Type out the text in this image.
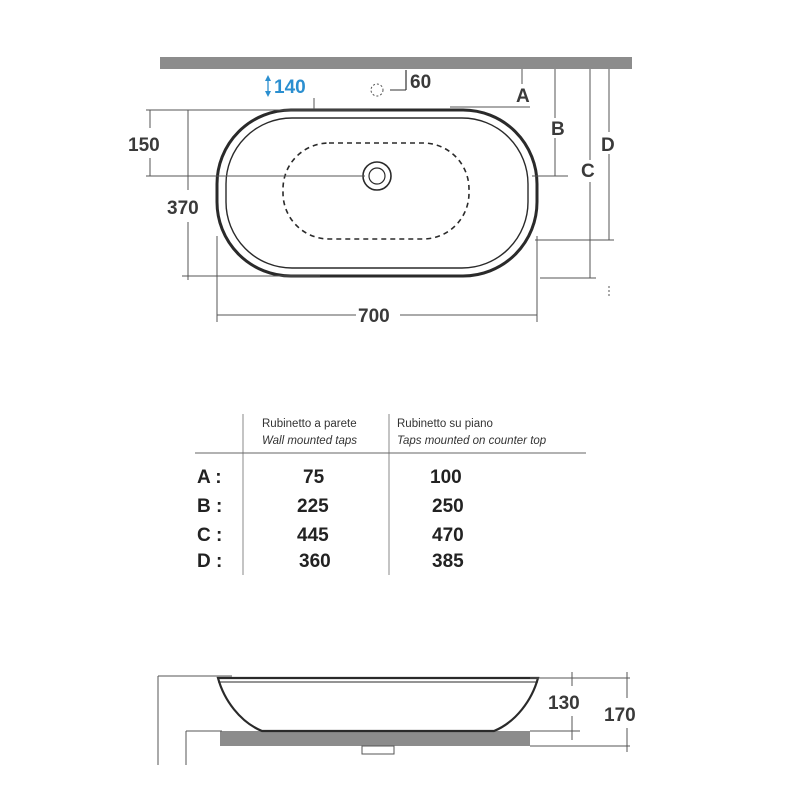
140	60
150
370
700
A
B
C
D
Rubinetto a parete
Wall mounted taps
Rubinetto su piano
Taps mounted on counter top
A :	75	100
B :	225	250
C :	445	470
D :	360	385
130
170
